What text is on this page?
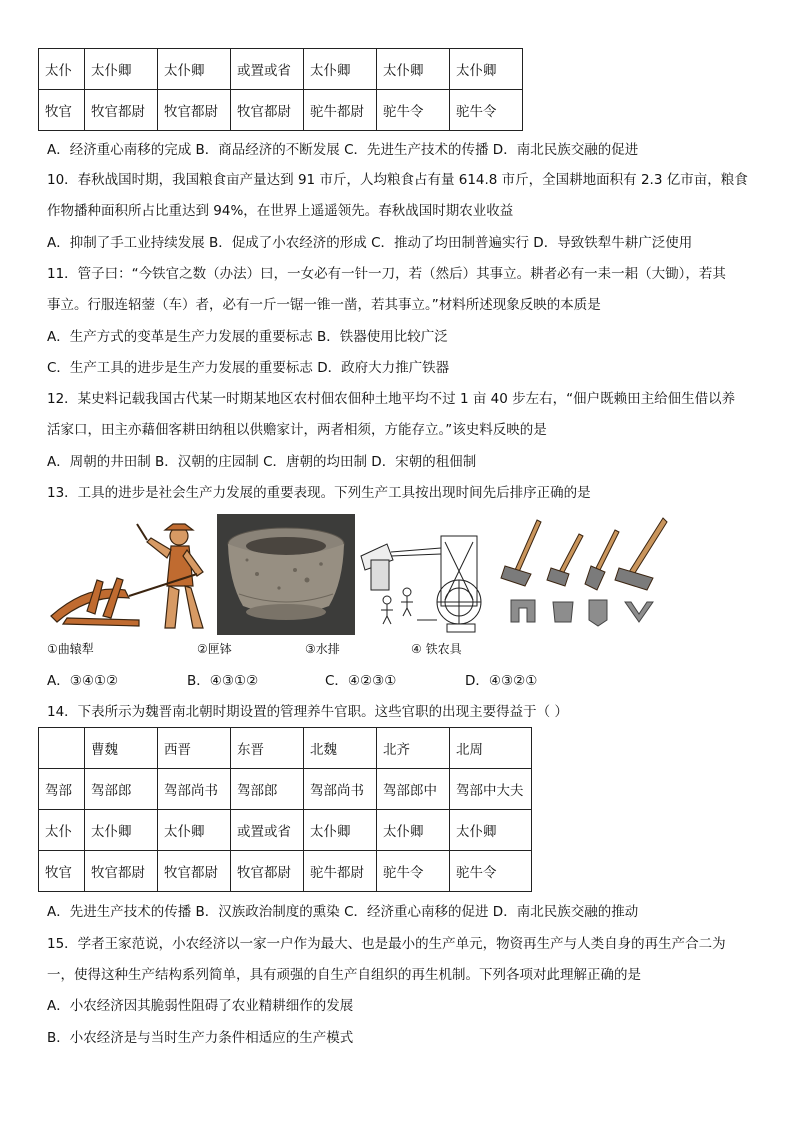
太仆	太仆卿	太仆卿	或置或省	太仆卿	太仆卿	太仆卿
牧官	牧官都尉	牧官都尉	牧官都尉	驼牛都尉	驼牛令	驼牛令
A．经济重心南移的完成 B．商品经济的不断发展 C．先进生产技术的传播 D．南北民族交融的促进
10．春秋战国时期，我国粮食亩产量达到 91 市斤，人均粮食占有量 614.8 市斤，全国耕地面积有 2.3 亿市亩，粮食
作物播种面积所占比重达到 94%，在世界上遥遥领先。春秋战国时期农业收益
A．抑制了手工业持续发展 B．促成了小农经济的形成 C．推动了均田制普遍实行 D．导致铁犁牛耕广泛使用
11．管子曰：“今铁官之数（办法）曰，一女必有一针一刀，若（然后）其事立。耕者必有一耒一耜（大锄），若其
事立。行服连轺蓥（车）者，必有一斤一锯一锥一凿，若其事立。”材料所述现象反映的本质是
A．生产方式的变革是生产力发展的重要标志 B．铁器使用比较广泛
C．生产工具的进步是生产力发展的重要标志 D．政府大力推广铁器
12．某史料记载我国古代某一时期某地区农村佃农佃种土地平均不过 1 亩 40 步左右，“佃户既赖田主给佃生借以养
活家口，田主亦藉佃客耕田纳租以供赡家计，两者相须，方能存立。”该史料反映的是
A．周朝的井田制 B．汉朝的庄园制 C．唐朝的均田制 D．宋朝的租佃制
13．工具的进步是社会生产力发展的重要表现。下列生产工具按出现时间先后排序正确的是
①曲辕犁	②匣钵	③水排	④ 铁农具
A．③④①②	B．④③①②	C．④②③①	D．④③②①
14．下表所示为魏晋南北朝时期设置的管理养牛官职。这些官职的出现主要得益于（ ）
	曹魏	西晋	东晋	北魏	北齐	北周
驾部	驾部郎	驾部尚书	驾部郎	驾部尚书	驾部郎中	驾部中大夫
太仆	太仆卿	太仆卿	或置或省	太仆卿	太仆卿	太仆卿
牧官	牧官都尉	牧官都尉	牧官都尉	驼牛都尉	驼牛令	驼牛令
A．先进生产技术的传播 B．汉族政治制度的熏染 C．经济重心南移的促进 D．南北民族交融的推动
15．学者王家范说，小农经济以一家一户作为最大、也是最小的生产单元，物资再生产与人类自身的再生产合二为
一，使得这种生产结构系列简单，具有顽强的自生产自组织的再生机制。下列各项对此理解正确的是
A．小农经济因其脆弱性阻碍了农业精耕细作的发展
B．小农经济是与当时生产力条件相适应的生产模式
